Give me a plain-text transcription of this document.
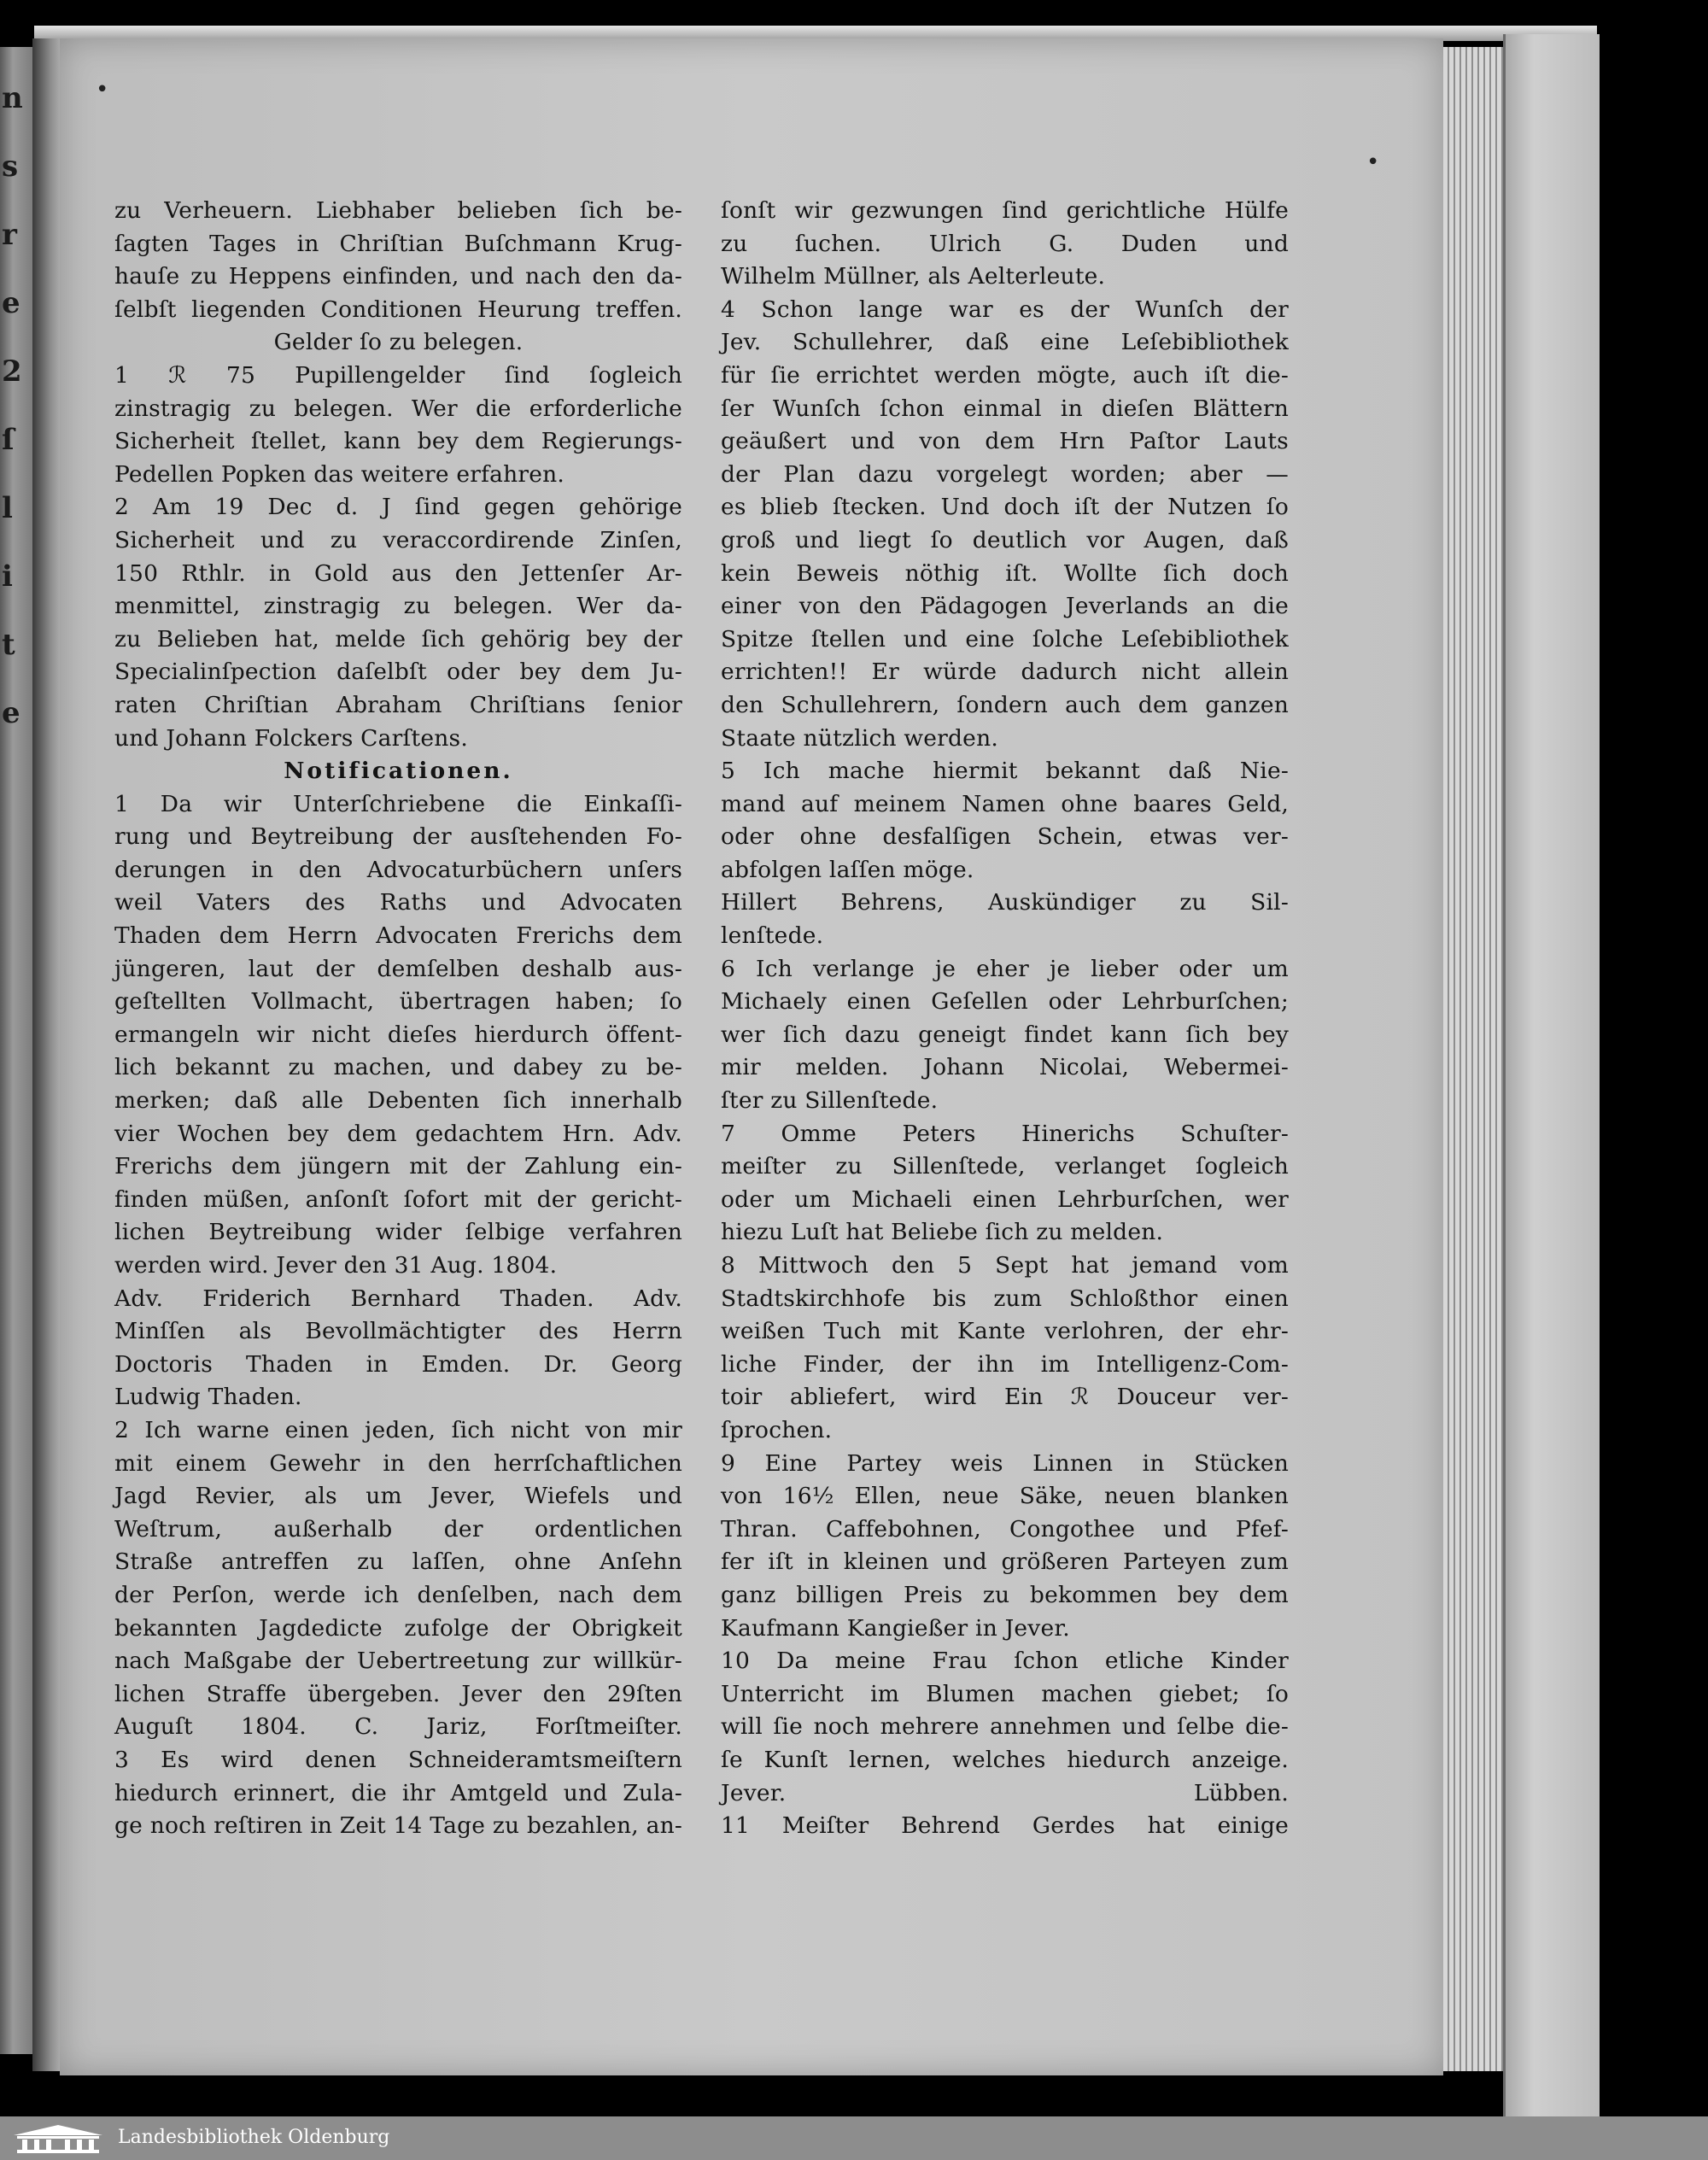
n
s
r
e
2
ſ
l
i
t
e
•
•
zu Verheuern. Liebhaber belieben ſich be-
ſagten Tages in Chriſtian Buſchmann Krug-
hauſe zu Heppens einfinden, und nach den da-
ſelbſt liegenden Conditionen Heurung treffen.
Gelder ſo zu belegen.
1 ℛ 75 Pupillengelder ſind ſogleich
zinstragig zu belegen. Wer die erforderliche
Sicherheit ſtellet, kann bey dem Regierungs-
Pedellen Popken das weitere erfahren.
2 Am 19 Dec d. J ſind gegen gehörige
Sicherheit und zu veraccordirende Zinſen,
150 Rthlr. in Gold aus den Jettenſer Ar-
menmittel, zinstragig zu belegen. Wer da-
zu Belieben hat, melde ſich gehörig bey der
Specialinſpection daſelbſt oder bey dem Ju-
raten Chriſtian Abraham Chriſtians ſenior
und Johann Folckers Carſtens.
Notificationen.
1 Da wir Unterſchriebene die Einkaſſi-
rung und Beytreibung der ausſtehenden Fo-
derungen in den Advocaturbüchern unſers
weil Vaters des Raths und Advocaten
Thaden dem Herrn Advocaten Frerichs dem
jüngeren, laut der demſelben deshalb aus-
geſtellten Vollmacht, übertragen haben; ſo
ermangeln wir nicht dieſes hierdurch öffent-
lich bekannt zu machen, und dabey zu be-
merken; daß alle Debenten ſich innerhalb
vier Wochen bey dem gedachtem Hrn. Adv.
Frerichs dem jüngern mit der Zahlung ein-
finden müßen, anſonſt ſofort mit der gericht-
lichen Beytreibung wider ſelbige verfahren
werden wird. Jever den 31 Aug. 1804.
Adv. Friderich Bernhard Thaden. Adv.
Minſſen als Bevollmächtigter des Herrn
Doctoris Thaden in Emden. Dr. Georg
Ludwig Thaden.
2 Ich warne einen jeden, ſich nicht von mir
mit einem Gewehr in den herrſchaftlichen
Jagd Revier, als um Jever, Wiefels und
Weſtrum, außerhalb der ordentlichen
Straße antreffen zu laſſen, ohne Anſehn
der Perſon, werde ich denſelben, nach dem
bekannten Jagdedicte zufolge der Obrigkeit
nach Maßgabe der Uebertreetung zur willkür-
lichen Straffe übergeben. Jever den 29ſten
Auguſt 1804. C. Jariz, Forſtmeiſter.
3 Es wird denen Schneideramtsmeiſtern
hiedurch erinnert, die ihr Amtgeld und Zula-
ge noch reſtiren in Zeit 14 Tage zu bezahlen, an-
ſonſt wir gezwungen ſind gerichtliche Hülfe
zu ſuchen. Ulrich G. Duden und
Wilhelm Müllner, als Aelterleute.
4 Schon lange war es der Wunſch der
Jev. Schullehrer, daß eine Leſebibliothek
für ſie errichtet werden mögte, auch iſt die-
ſer Wunſch ſchon einmal in dieſen Blättern
geäußert und von dem Hrn Paſtor Lauts
der Plan dazu vorgelegt worden; aber —
es blieb ſtecken. Und doch iſt der Nutzen ſo
groß und liegt ſo deutlich vor Augen, daß
kein Beweis nöthig iſt. Wollte ſich doch
einer von den Pädagogen Jeverlands an die
Spitze ſtellen und eine ſolche Leſebibliothek
errichten!! Er würde dadurch nicht allein
den Schullehrern, ſondern auch dem ganzen
Staate nützlich werden.
5 Ich mache hiermit bekannt daß Nie-
mand auf meinem Namen ohne baares Geld,
oder ohne desfalſigen Schein, etwas ver-
abfolgen laſſen möge.
Hillert Behrens, Auskündiger zu Sil-
lenſtede.
6 Ich verlange je eher je lieber oder um
Michaely einen Geſellen oder Lehrburſchen;
wer ſich dazu geneigt findet kann ſich bey
mir melden. Johann Nicolai, Webermei-
ſter zu Sillenſtede.
7 Omme Peters Hinerichs Schuſter-
meiſter zu Sillenſtede, verlanget ſogleich
oder um Michaeli einen Lehrburſchen, wer
hiezu Luſt hat Beliebe ſich zu melden.
8 Mittwoch den 5 Sept hat jemand vom
Stadtskirchhofe bis zum Schloßthor einen
weißen Tuch mit Kante verlohren, der ehr-
liche Finder, der ihn im Intelligenz-Com-
toir abliefert, wird Ein ℛ Douceur ver-
ſprochen.
9 Eine Partey weis Linnen in Stücken
von 16½ Ellen, neue Säke, neuen blanken
Thran. Caffebohnen, Congothee und Pfef-
fer iſt in kleinen und größeren Parteyen zum
ganz billigen Preis zu bekommen bey dem
Kaufmann Kangießer in Jever.
10 Da meine Frau ſchon etliche Kinder
Unterricht im Blumen machen giebet; ſo
will ſie noch mehrere annehmen und ſelbe die-
ſe Kunſt lernen, welches hiedurch anzeige.
Jever. Lübben.
11 Meiſter Behrend Gerdes hat einige
Landesbibliothek Oldenburg
